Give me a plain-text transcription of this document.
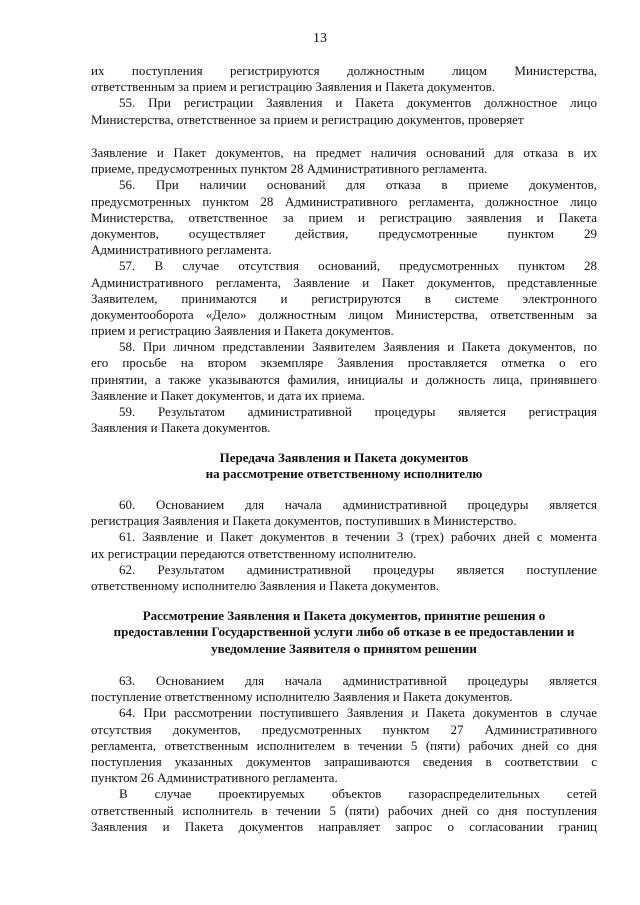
13

их поступления регистрируются должностным лицом Министерства,

ответственным за прием и регистрацию Заявления и Пакета документов.

55. При регистрации Заявления и Пакета документов должностное лицо

Министерства, ответственное за прием и регистрацию документов, проверяет

Заявление и Пакет документов, на предмет наличия оснований для отказа в их

приеме, предусмотренных пунктом 28 Административного регламента.

56. При наличии оснований для отказа в приеме документов,

предусмотренных пунктом 28 Административного регламента, должностное лицо

Министерства, ответственное за прием и регистрацию заявления и Пакета

документов, осуществляет действия, предусмотренные пунктом 29

Административного регламента.

57. В случае отсутствия оснований, предусмотренных пунктом 28

Административного регламента, Заявление и Пакет документов, представленные

Заявителем, принимаются и регистрируются в системе электронного

документооборота «Дело» должностным лицом Министерства, ответственным за

прием и регистрацию Заявления и Пакета документов.

58. При личном представлении Заявителем Заявления и Пакета документов, по

его просьбе на втором экземпляре Заявления проставляется отметка о его

принятии, а также указываются фамилия, инициалы и должность лица, принявшего

Заявление и Пакет документов, и дата их приема.

59. Результатом административной процедуры является регистрация

Заявления и Пакета документов.

Передача Заявления и Пакета документов

на рассмотрение ответственному исполнителю

60. Основанием для начала административной процедуры является

регистрация Заявления и Пакета документов, поступивших в Министерство.

61. Заявление и Пакет документов в течении 3 (трех) рабочих дней с момента

их регистрации передаются ответственному исполнителю.

62. Результатом административной процедуры является поступление

ответственному исполнителю Заявления и Пакета документов.

Рассмотрение Заявления и Пакета документов, принятие решения о

предоставлении Государственной услуги либо об отказе в ее предоставлении и

уведомление Заявителя о принятом решении

63. Основанием для начала административной процедуры является

поступление ответственному исполнителю Заявления и Пакета документов.

64. При рассмотрении поступившего Заявления и Пакета документов в случае

отсутствия документов, предусмотренных пунктом 27 Административного

регламента, ответственным исполнителем в течении 5 (пяти) рабочих дней со дня

поступления указанных документов запрашиваются сведения в соответствии с

пунктом 26 Административного регламента.

В случае проектируемых объектов газораспределительных сетей

ответственный исполнитель в течении 5 (пяти) рабочих дней со дня поступления

Заявления и Пакета документов направляет запрос о согласовании границ
